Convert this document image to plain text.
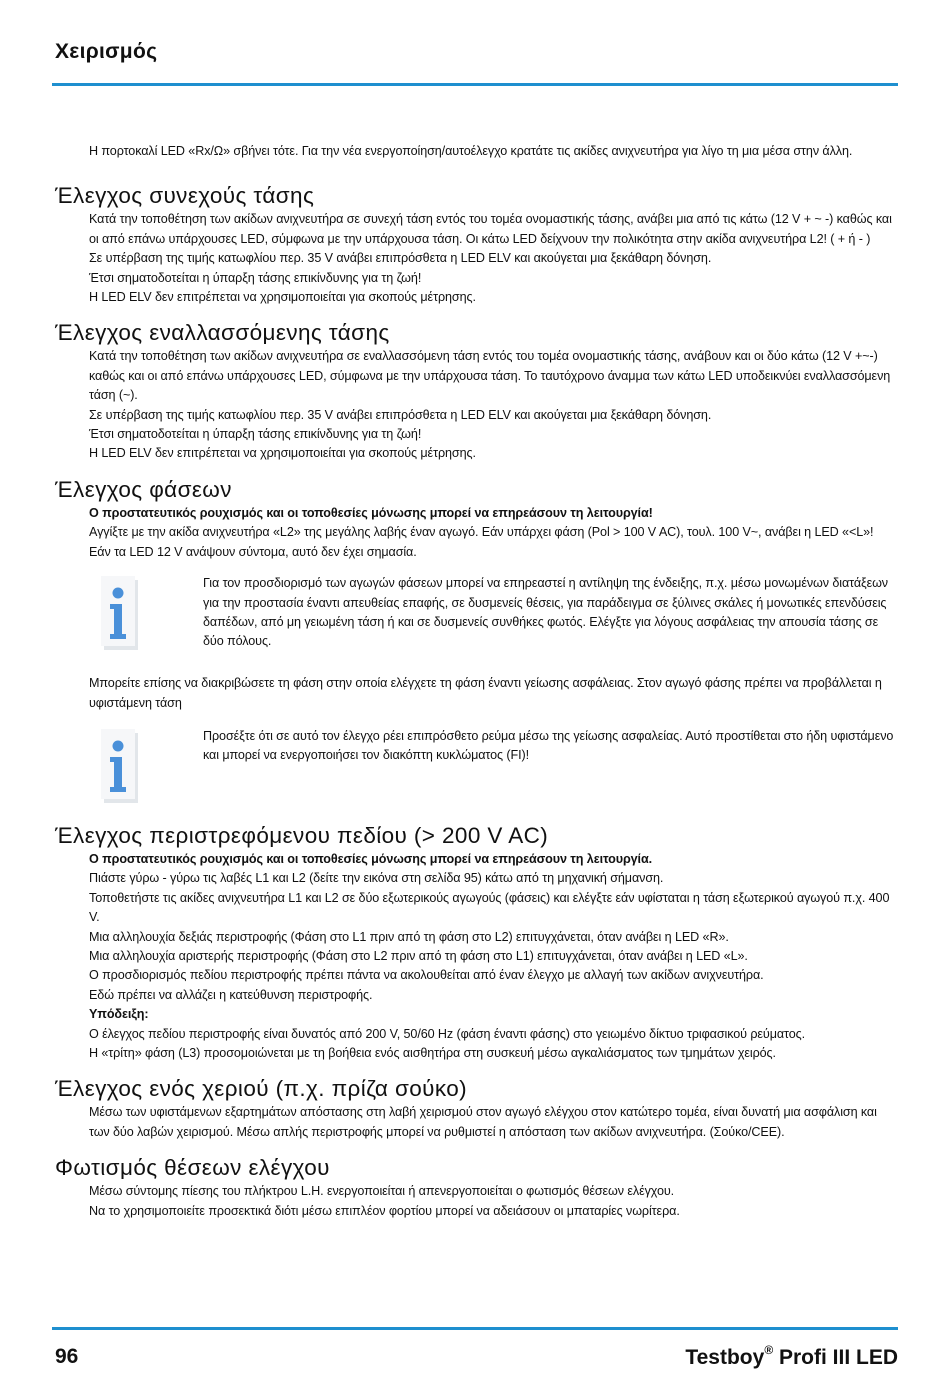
Χειρισμός

Η πορτοκαλί LED «Rx/Ω» σβήνει τότε. Για την νέα ενεργοποίηση/αυτοέλεγχο κρατάτε τις ακίδες ανιχνευτήρα για λίγο τη μια μέσα στην άλλη.

Έλεγχος συνεχούς τάσης

Κατά την τοποθέτηση των ακίδων ανιχνευτήρα σε συνεχή τάση εντός του τομέα ονομαστικής τάσης, ανάβει μια από τις κάτω (12 V + ~ -) καθώς και οι από επάνω υπάρχουσες LED, σύμφωνα με την υπάρχουσα τάση. Οι κάτω LED δείχνουν την πολικότητα στην ακίδα ανιχνευτήρα L2! ( + ή - )

Σε υπέρβαση της τιμής κατωφλίου περ. 35 V ανάβει επιπρόσθετα η LED ELV και ακούγεται μια ξεκάθαρη δόνηση.

Έτσι σηματοδοτείται η ύπαρξη τάσης επικίνδυνης για τη ζωή!

Η LED ELV δεν επιτρέπεται να χρησιμοποιείται για σκοπούς μέτρησης.

Έλεγχος εναλλασσόμενης τάσης

Κατά την τοποθέτηση των ακίδων ανιχνευτήρα σε εναλλασσόμενη τάση εντός του τομέα ονομαστικής τάσης, ανάβουν και οι δύο κάτω (12 V +~-) καθώς και οι από επάνω υπάρχουσες LED, σύμφωνα με την υπάρχουσα τάση. Το ταυτόχρονο άναμμα των κάτω LED υποδεικνύει εναλλασσόμενη τάση (~).

Σε υπέρβαση της τιμής κατωφλίου περ. 35 V ανάβει επιπρόσθετα η LED ELV και ακούγεται μια ξεκάθαρη δόνηση.

Έτσι σηματοδοτείται η ύπαρξη τάσης επικίνδυνης για τη ζωή!

Η LED ELV δεν επιτρέπεται να χρησιμοποιείται για σκοπούς μέτρησης.

Έλεγχος φάσεων

Ο προστατευτικός ρουχισμός και οι τοποθεσίες μόνωσης μπορεί να επηρεάσουν τη λειτουργία!

Αγγίξτε με την ακίδα ανιχνευτήρα «L2» της μεγάλης λαβής έναν αγωγό. Εάν υπάρχει φάση (Pol > 100 V AC), τουλ. 100 V~, ανάβει η LED «<L»! Εάν τα LED 12 V ανάψουν σύντομα, αυτό δεν έχει σημασία.

Για τον προσδιορισμό των αγωγών φάσεων μπορεί να επηρεαστεί η αντίληψη της ένδειξης, π.χ. μέσω μονωμένων διατάξεων για την προστασία έναντι απευθείας επαφής, σε δυσμενείς θέσεις, για παράδειγμα σε ξύλινες σκάλες ή μονωτικές επενδύσεις δαπέδων, από μη γειωμένη τάση ή και σε δυσμενείς συνθήκες φωτός. Ελέγξτε για λόγους ασφάλειας την απουσία τάσης σε δύο πόλους.

Μπορείτε επίσης να διακριβώσετε τη φάση στην οποία ελέγχετε τη φάση έναντι γείωσης ασφάλειας. Στον αγωγό φάσης πρέπει να προβάλλεται η υφιστάμενη τάση

Προσέξτε ότι σε αυτό τον έλεγχο ρέει επιπρόσθετο ρεύμα μέσω της γείωσης ασφαλείας. Αυτό προστίθεται στο ήδη υφιστάμενο και μπορεί να ενεργοποιήσει τον διακόπτη κυκλώματος (FI)!

Έλεγχος περιστρεφόμενου πεδίου (> 200 V AC)

Ο προστατευτικός ρουχισμός και οι τοποθεσίες μόνωσης μπορεί να επηρεάσουν τη λειτουργία.

Πιάστε γύρω - γύρω τις λαβές L1 και L2 (δείτε την εικόνα στη σελίδα 95) κάτω από τη μηχανική σήμανση.

Τοποθετήστε τις ακίδες ανιχνευτήρα L1 και L2 σε δύο εξωτερικούς αγωγούς (φάσεις) και ελέγξτε εάν υφίσταται η τάση εξωτερικού αγωγού π.χ. 400 V.

Μια αλληλουχία δεξιάς περιστροφής (Φάση στο L1 πριν από τη φάση στο L2) επιτυγχάνεται, όταν ανάβει η LED «R».

Μια αλληλουχία αριστερής περιστροφής (Φάση στο L2 πριν από τη φάση στο L1) επιτυγχάνεται, όταν ανάβει η LED «L».

Ο προσδιορισμός πεδίου περιστροφής πρέπει πάντα να ακολουθείται από έναν έλεγχο με αλλαγή των ακίδων ανιχνευτήρα.

Εδώ πρέπει να αλλάζει η κατεύθυνση περιστροφής.

Υπόδειξη:

Ο έλεγχος πεδίου περιστροφής είναι δυνατός από 200 V, 50/60 Hz (φάση έναντι φάσης) στο γειωμένο δίκτυο τριφασικού ρεύματος.

Η «τρίτη» φάση (L3) προσομοιώνεται με τη βοήθεια ενός αισθητήρα στη συσκευή μέσω αγκαλιάσματος των τμημάτων χειρός.

Έλεγχος ενός χεριού (π.χ. πρίζα σούκο)

Μέσω των υφιστάμενων εξαρτημάτων απόστασης στη λαβή χειρισμού στον αγωγό ελέγχου στον κατώτερο τομέα, είναι δυνατή μια ασφάλιση και των δύο λαβών χειρισμού. Μέσω απλής περιστροφής μπορεί να ρυθμιστεί η απόσταση των ακίδων ανιχνευτήρα. (Σούκο/CEE).

Φωτισμός θέσεων ελέγχου

Μέσω σύντομης πίεσης του πλήκτρου L.H. ενεργοποιείται ή απενεργοποιείται ο φωτισμός θέσεων ελέγχου.

Να το χρησιμοποιείτε προσεκτικά διότι μέσω επιπλέον φορτίου μπορεί να αδειάσουν οι μπαταρίες νωρίτερα.

96	Testboy® Profi III LED
